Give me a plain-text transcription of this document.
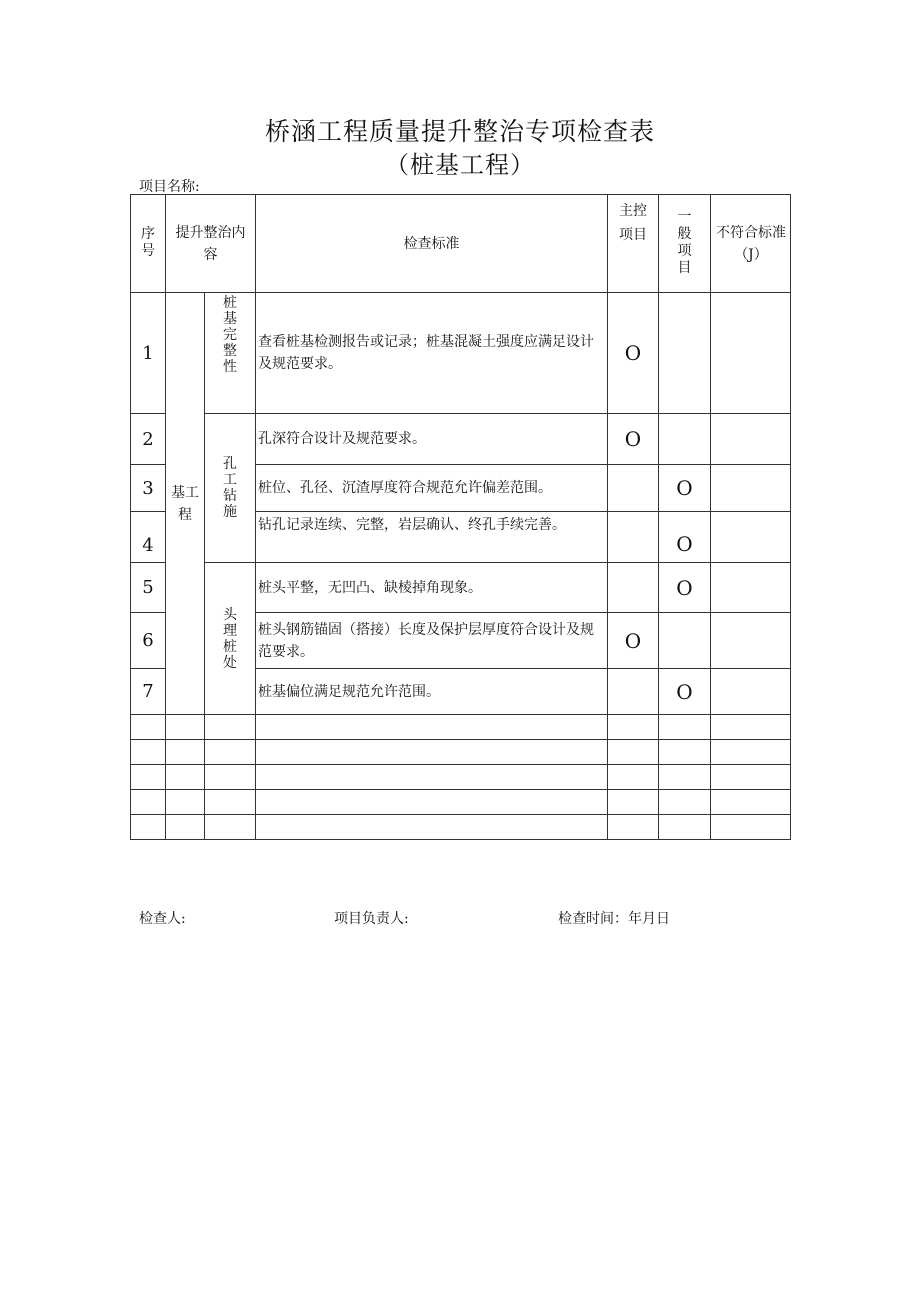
桥涵工程质量提升整治专项检查表
（桩基工程）
项目名称:
序号	提升整治内容		检查标准	主控项目	一般项目	不符合标准（J）

1	基工程	桩基完整性	查看桩基检测报告或记录；桩基混凝土强度应满足设计及规范要求。	O		
2		孔工钻施	孔深符合设计及规范要求。	O		
3			桩位、孔径、沉渣厚度符合规范允许偏差范围。		O	
4			钻孔记录连续、完整，岩层确认、终孔手续完善。		O	
5		头理桩处	桩头平整，无凹凸、缺棱掉角现象。		O	
6			桩头钢筋锚固（搭接）长度及保护层厚度符合设计及规范要求。	O		
7			桩基偏位满足规范允许范围。		O	

检查人:	项目负责人:	检查时间：年月日
